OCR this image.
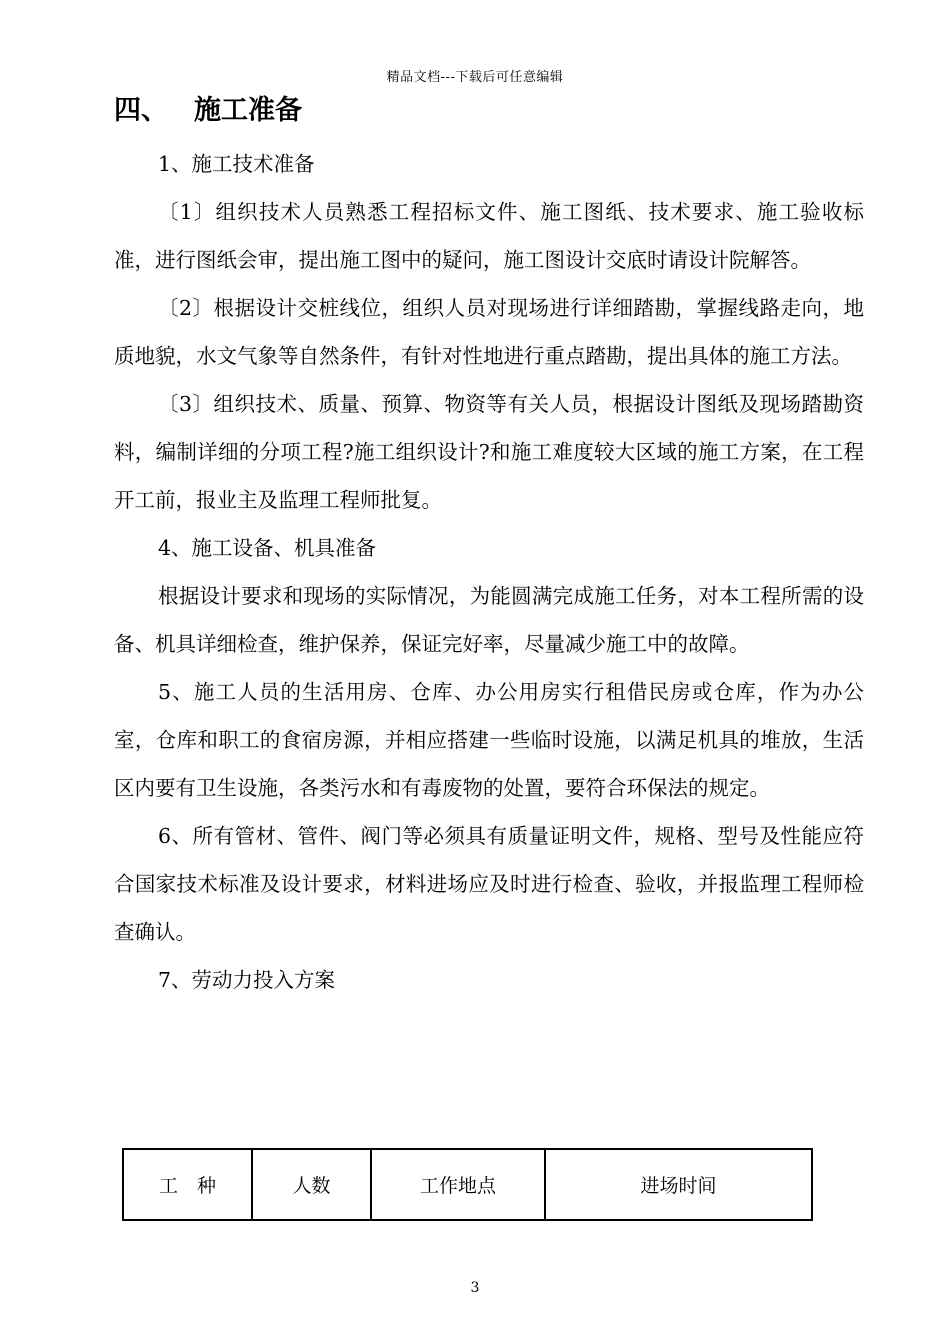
精品文档---下载后可任意编辑
四、 施工准备

1、施工技术准备

〔1〕组织技术人员熟悉工程招标文件、施工图纸、技术要求、施工验收标准，进行图纸会审，提出施工图中的疑问，施工图设计交底时请设计院解答。

〔2〕根据设计交桩线位，组织人员对现场进行详细踏勘，掌握线路走向，地质地貌，水文气象等自然条件，有针对性地进行重点踏勘，提出具体的施工方法。

〔3〕组织技术、质量、预算、物资等有关人员，根据设计图纸及现场踏勘资料，编制详细的分项工程?施工组织设计?和施工难度较大区域的施工方案，在工程开工前，报业主及监理工程师批复。

4、施工设备、机具准备

根据设计要求和现场的实际情况，为能圆满完成施工任务，对本工程所需的设备、机具详细检查，维护保养，保证完好率，尽量减少施工中的故障。

5、施工人员的生活用房、仓库、办公用房实行租借民房或仓库，作为办公室，仓库和职工的食宿房源，并相应搭建一些临时设施，以满足机具的堆放，生活区内要有卫生设施，各类污水和有毒废物的处置，要符合环保法的规定。

6、所有管材、管件、阀门等必须具有质量证明文件，规格、型号及性能应符合国家技术标准及设计要求，材料进场应及时进行检查、验收，并报监理工程师检查确认。

7、劳动力投入方案

工　种	人数	工作地点	进场时间
3
